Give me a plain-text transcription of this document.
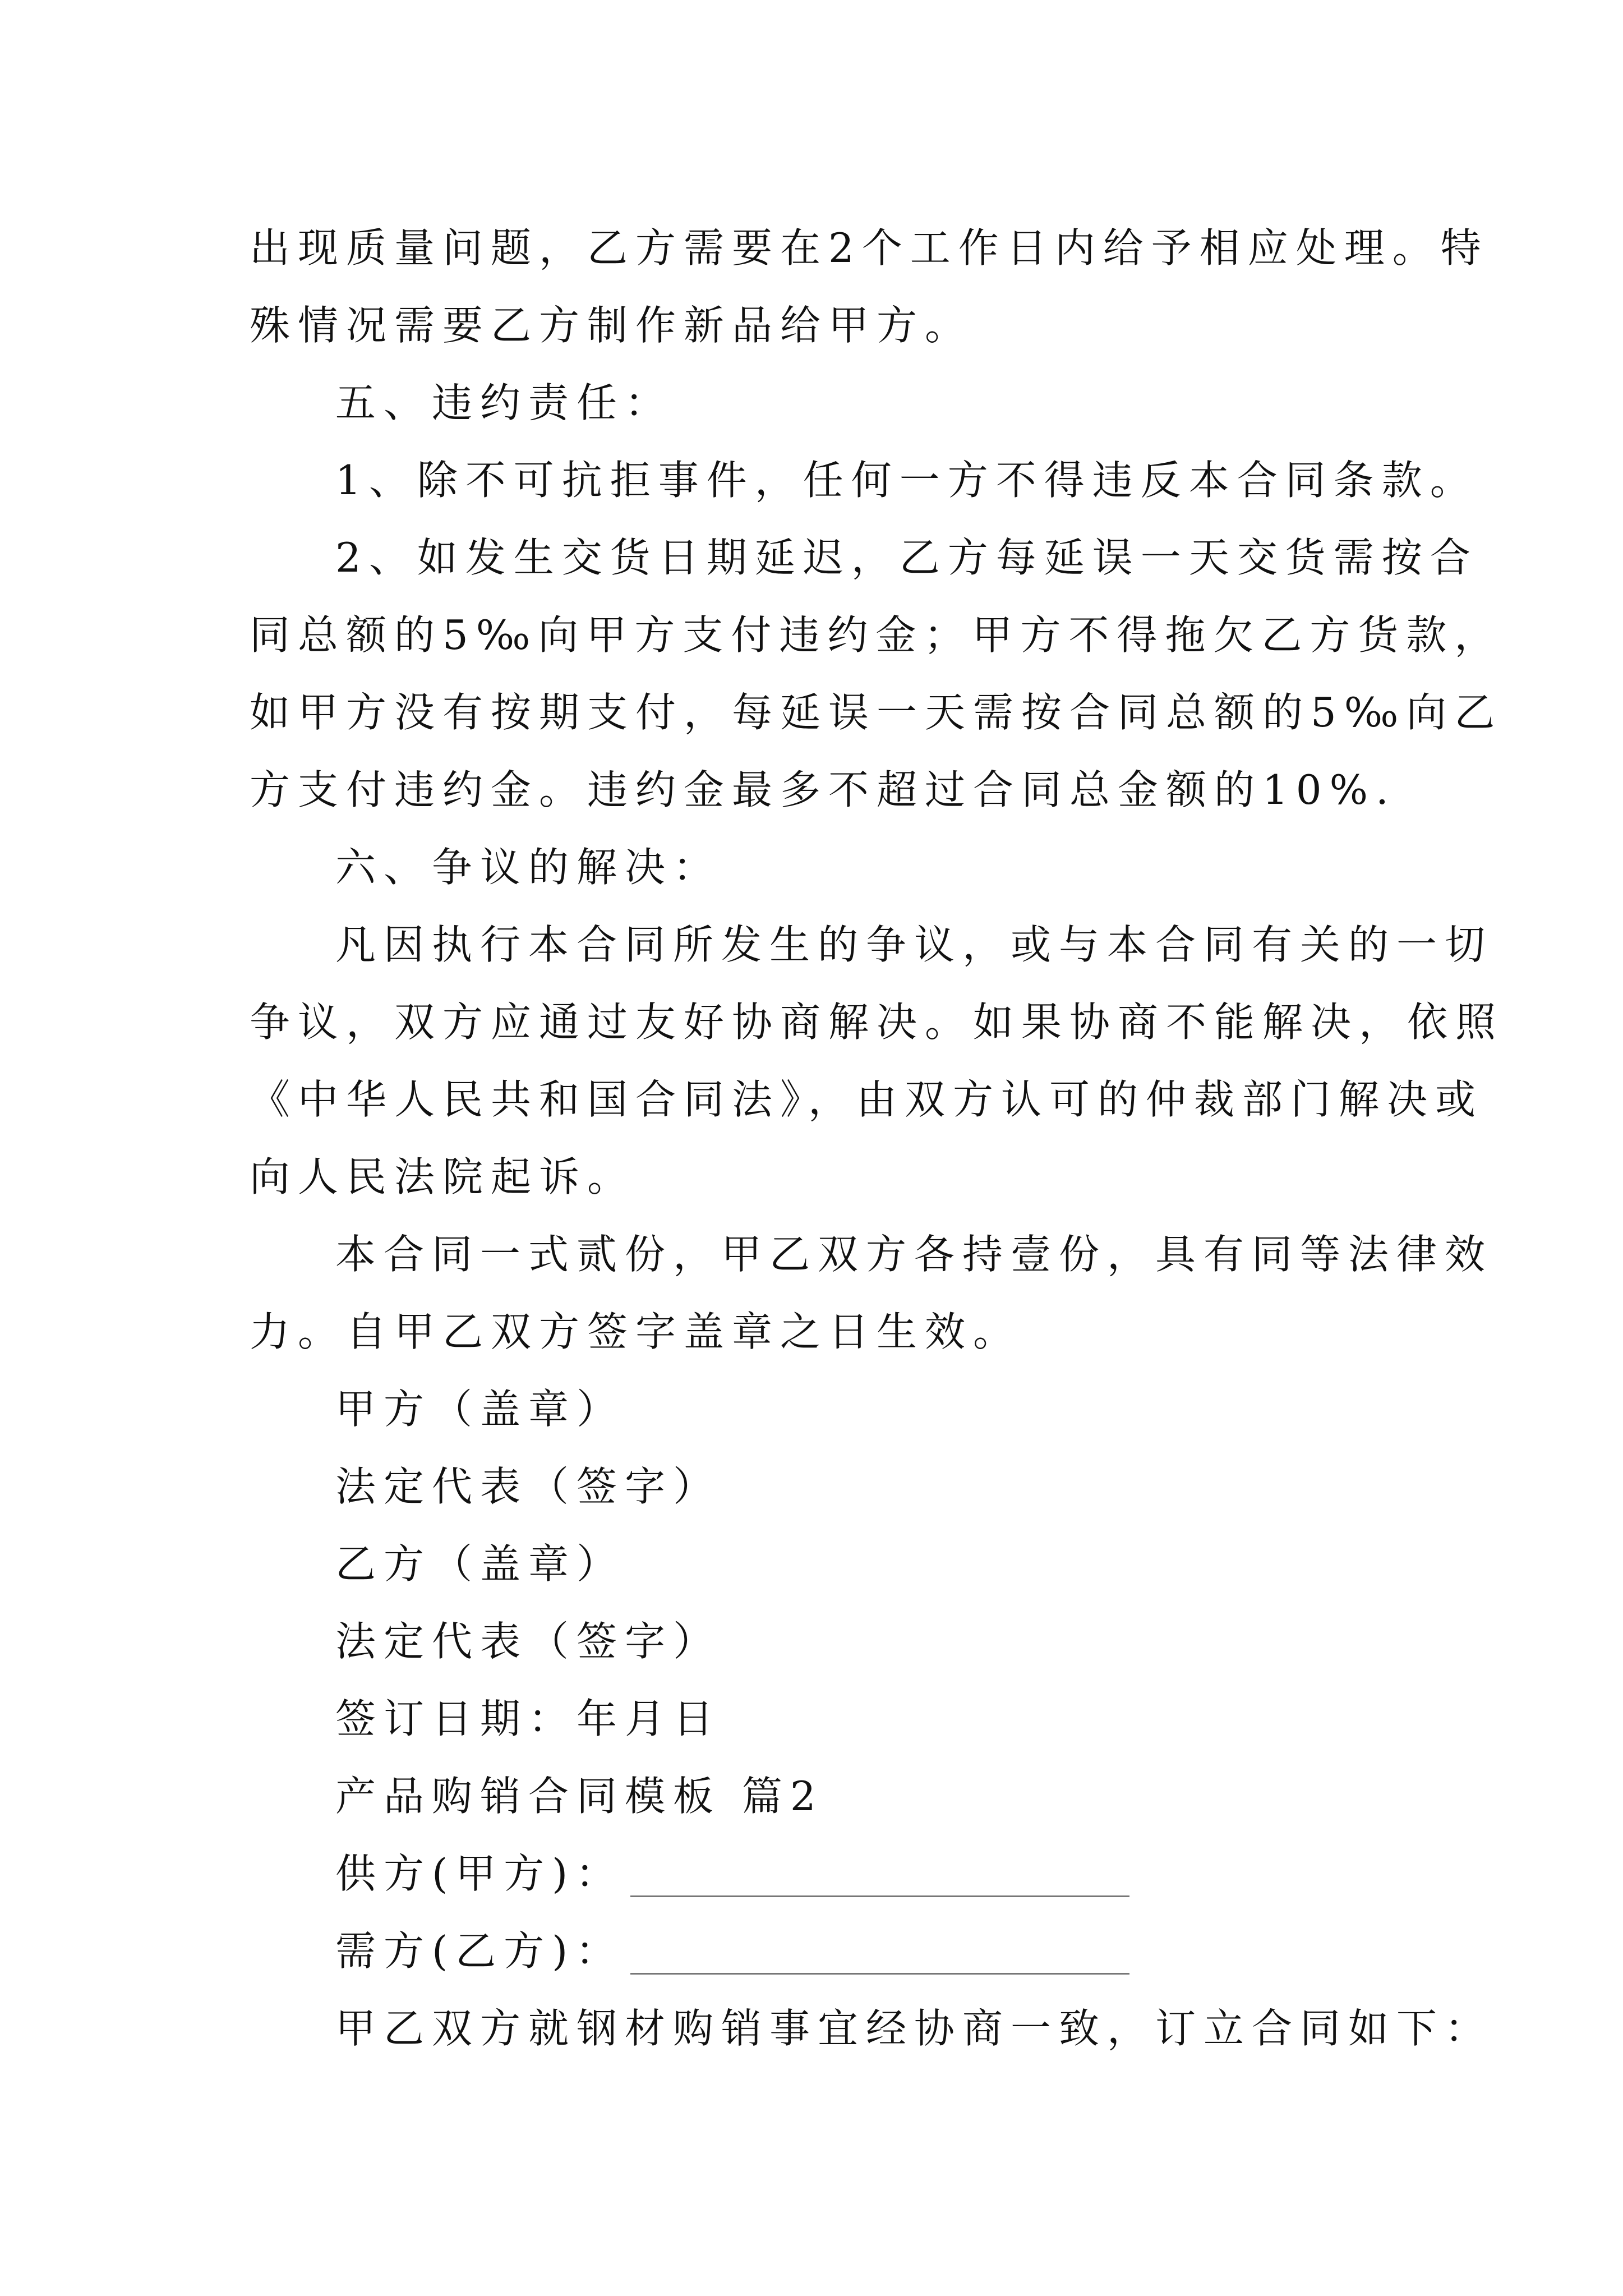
出现质量问题，乙方需要在2个工作日内给予相应处理。特
殊情况需要乙方制作新品给甲方。
五、违约责任：
1、除不可抗拒事件，任何一方不得违反本合同条款。
2、如发生交货日期延迟，乙方每延误一天交货需按合
同总额的5‰向甲方支付违约金；甲方不得拖欠乙方货款，
如甲方没有按期支付，每延误一天需按合同总额的5‰向乙
方支付违约金。违约金最多不超过合同总金额的10%.
六、争议的解决：
凡因执行本合同所发生的争议，或与本合同有关的一切
争议，双方应通过友好协商解决。如果协商不能解决，依照
《中华人民共和国合同法》，由双方认可的仲裁部门解决或
向人民法院起诉。
本合同一式贰份，甲乙双方各持壹份，具有同等法律效
力。自甲乙双方签字盖章之日生效。
甲方（盖章）
法定代表（签字）
乙方（盖章）
法定代表（签字）
签订日期：年月日
产品购销合同模板 篇2
供方(甲方)：
需方(乙方)：
甲乙双方就钢材购销事宜经协商一致，订立合同如下：
